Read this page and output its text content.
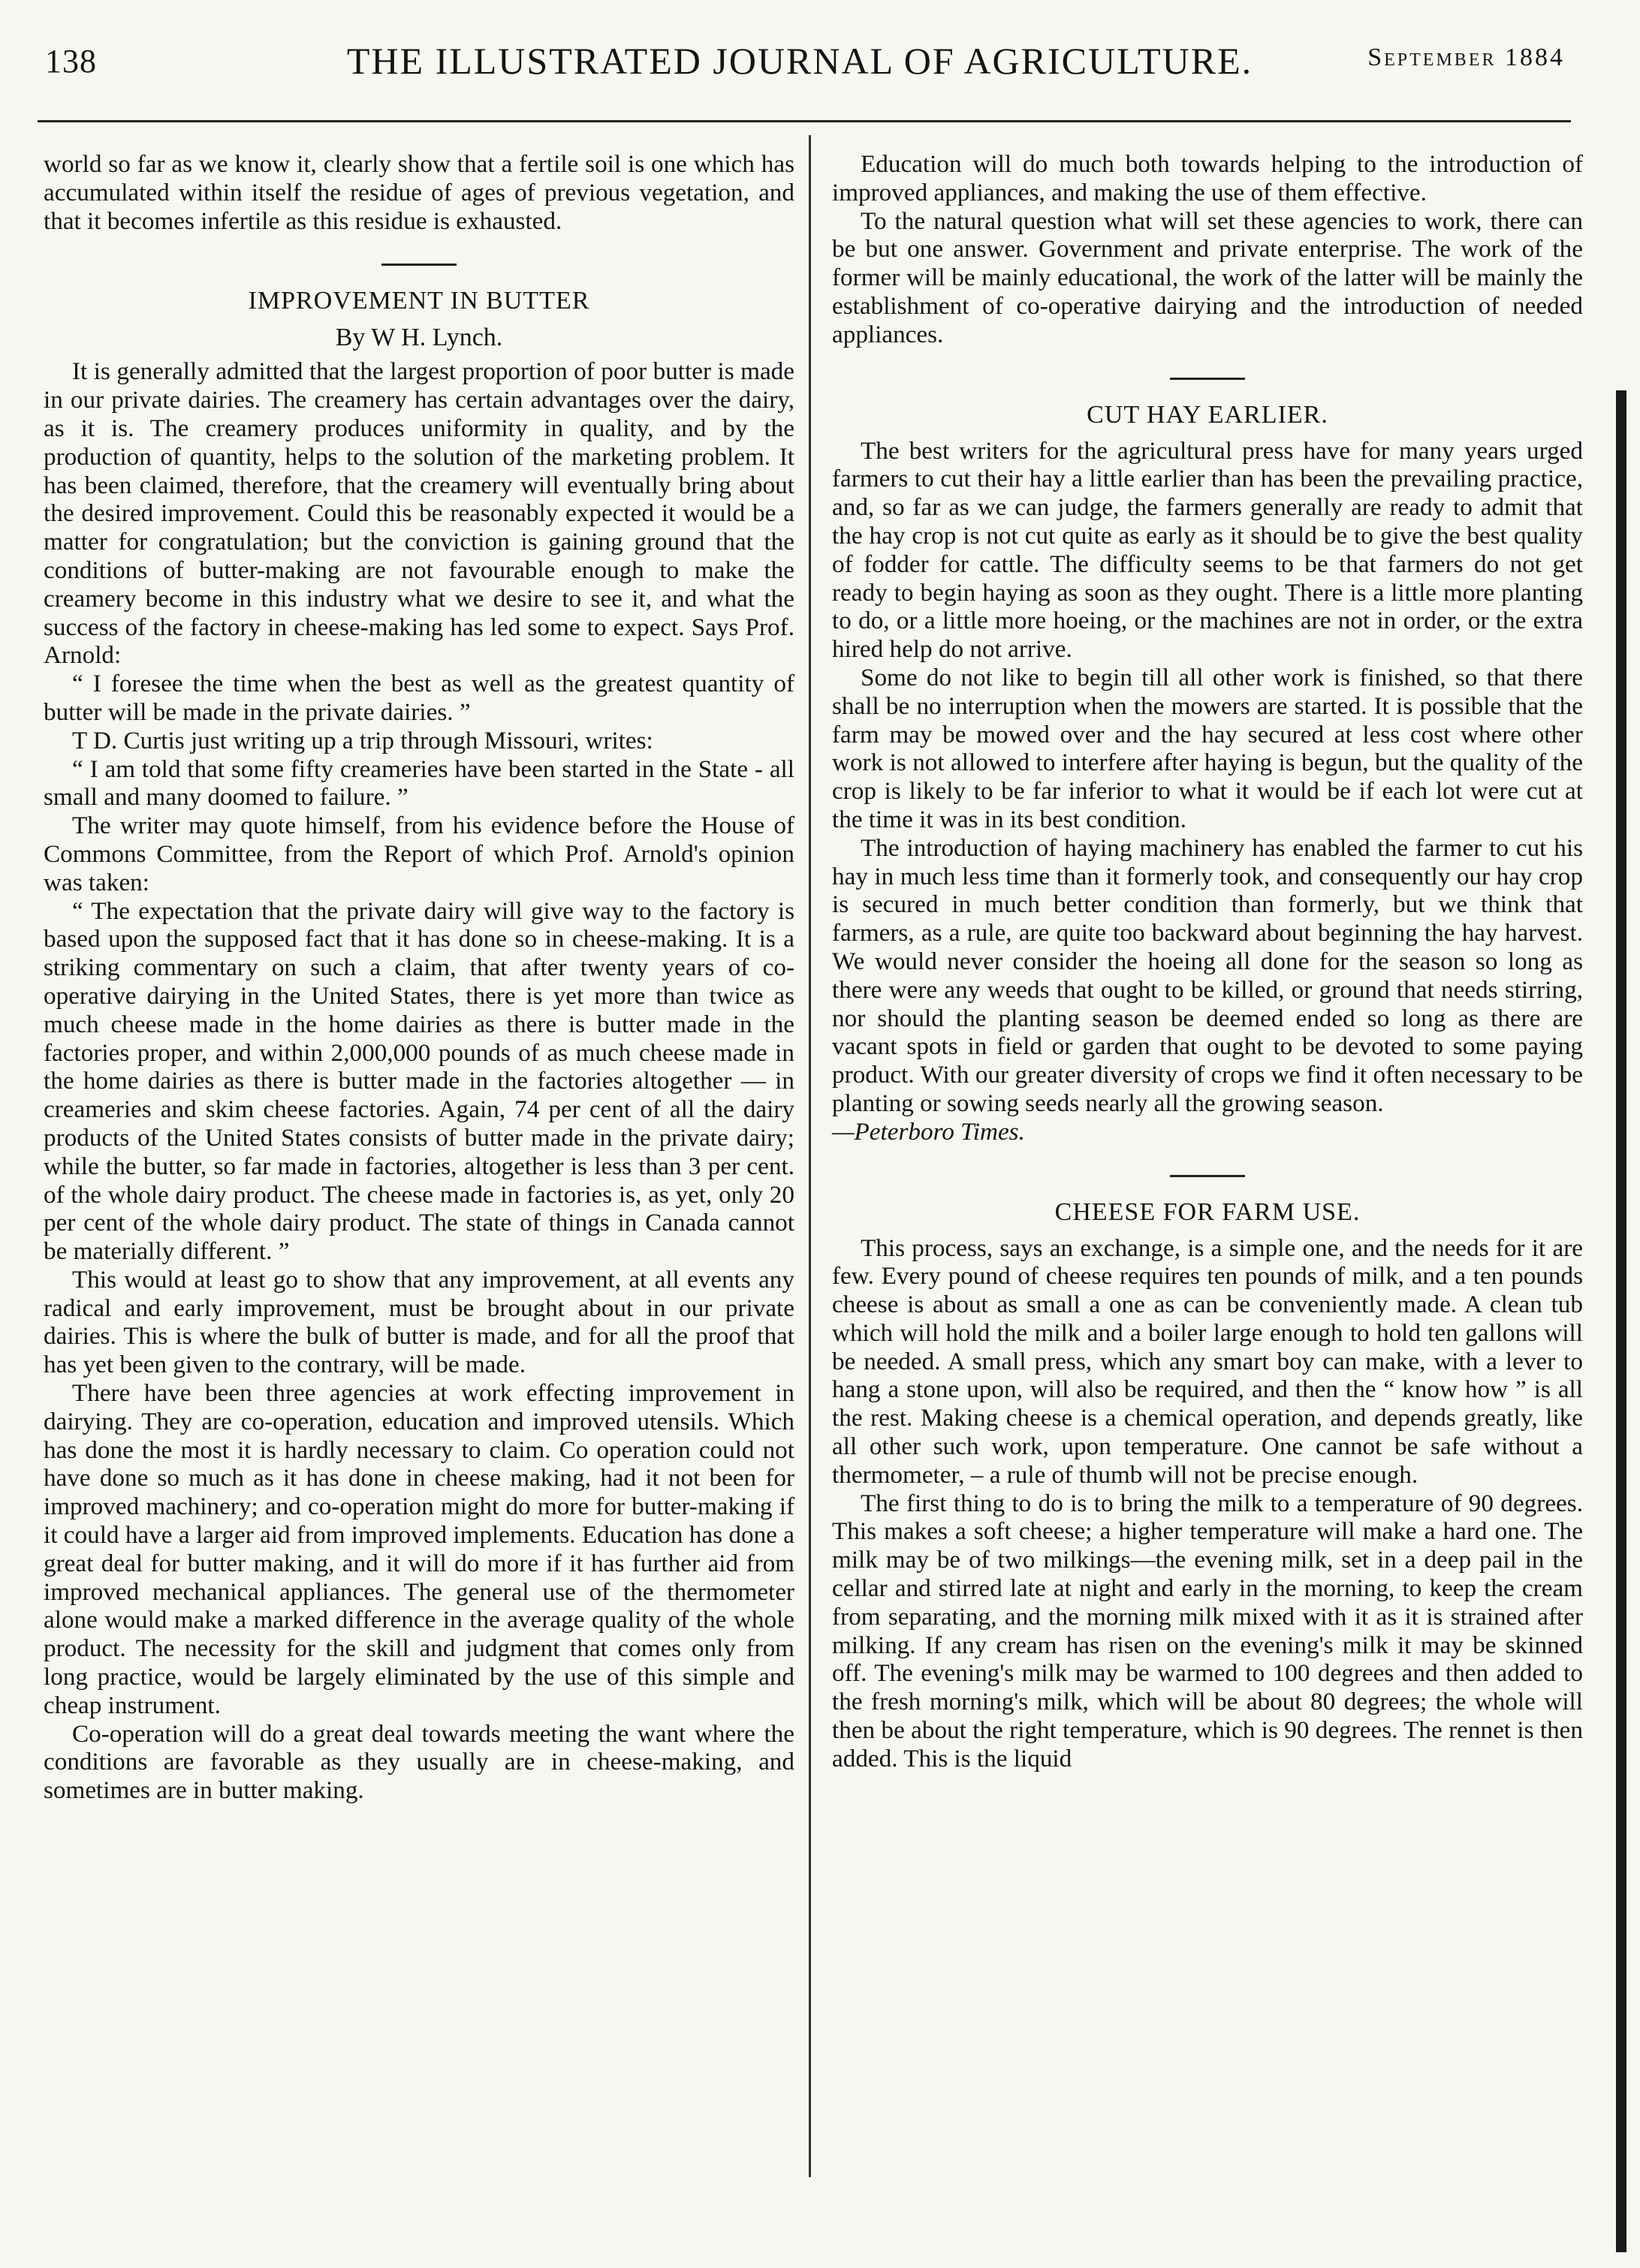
138	THE ILLUSTRATED JOURNAL OF AGRICULTURE.	September 1884

world so far as we know it, clearly show that a fertile soil is one which has accumulated within itself the residue of ages of previous vegetation, and that it becomes infertile as this residue is exhausted.

IMPROVEMENT IN BUTTER
By W H. Lynch.

It is generally admitted that the largest proportion of poor butter is made in our private dairies. The creamery has certain advantages over the dairy, as it is. The creamery produces uniformity in quality, and by the production of quantity, helps to the solution of the marketing problem. It has been claimed, therefore, that the creamery will eventually bring about the desired improvement. Could this be reasonably expected it would be a matter for congratulation; but the conviction is gaining ground that the conditions of butter-making are not favourable enough to make the creamery become in this industry what we desire to see it, and what the success of the factory in cheese-making has led some to expect. Says Prof. Arnold:

“ I foresee the time when the best as well as the greatest quantity of butter will be made in the private dairies. ”

T D. Curtis just writing up a trip through Missouri, writes:

“ I am told that some fifty creameries have been started in the State - all small and many doomed to failure. ”

The writer may quote himself, from his evidence before the House of Commons Committee, from the Report of which Prof. Arnold's opinion was taken:

“ The expectation that the private dairy will give way to the factory is based upon the supposed fact that it has done so in cheese-making. It is a striking commentary on such a claim, that after twenty years of co-operative dairying in the United States, there is yet more than twice as much cheese made in the home dairies as there is butter made in the factories proper, and within 2,000,000 pounds of as much cheese made in the home dairies as there is butter made in the factories altogether — in creameries and skim cheese factories. Again, 74 per cent of all the dairy products of the United States consists of butter made in the private dairy; while the butter, so far made in factories, altogether is less than 3 per cent. of the whole dairy product. The cheese made in factories is, as yet, only 20 per cent of the whole dairy product. The state of things in Canada cannot be materially different. ”

This would at least go to show that any improvement, at all events any radical and early improvement, must be brought about in our private dairies. This is where the bulk of butter is made, and for all the proof that has yet been given to the contrary, will be made.

There have been three agencies at work effecting improvement in dairying. They are co-operation, education and improved utensils. Which has done the most it is hardly necessary to claim. Co operation could not have done so much as it has done in cheese making, had it not been for improved machinery; and co-operation might do more for butter-making if it could have a larger aid from improved implements. Education has done a great deal for butter making, and it will do more if it has further aid from improved mechanical appliances. The general use of the thermometer alone would make a marked difference in the average quality of the whole product. The necessity for the skill and judgment that comes only from long practice, would be largely eliminated by the use of this simple and cheap instrument.

Co-operation will do a great deal towards meeting the want where the conditions are favorable as they usually are in cheese-making, and sometimes are in butter making.

Education will do much both towards helping to the introduction of improved appliances, and making the use of them effective.

To the natural question what will set these agencies to work, there can be but one answer. Government and private enterprise. The work of the former will be mainly educational, the work of the latter will be mainly the establishment of co-operative dairying and the introduction of needed appliances.

CUT HAY EARLIER.

The best writers for the agricultural press have for many years urged farmers to cut their hay a little earlier than has been the prevailing practice, and, so far as we can judge, the farmers generally are ready to admit that the hay crop is not cut quite as early as it should be to give the best quality of fodder for cattle. The difficulty seems to be that farmers do not get ready to begin haying as soon as they ought. There is a little more planting to do, or a little more hoeing, or the machines are not in order, or the extra hired help do not arrive.

Some do not like to begin till all other work is finished, so that there shall be no interruption when the mowers are started. It is possible that the farm may be mowed over and the hay secured at less cost where other work is not allowed to interfere after haying is begun, but the quality of the crop is likely to be far inferior to what it would be if each lot were cut at the time it was in its best condition.

The introduction of haying machinery has enabled the farmer to cut his hay in much less time than it formerly took, and consequently our hay crop is secured in much better condition than formerly, but we think that farmers, as a rule, are quite too backward about beginning the hay harvest. We would never consider the hoeing all done for the season so long as there were any weeds that ought to be killed, or ground that needs stirring, nor should the planting season be deemed ended so long as there are vacant spots in field or garden that ought to be devoted to some paying product. With our greater diversity of crops we find it often necessary to be planting or sowing seeds nearly all the growing season.

—Peterboro Times.

CHEESE FOR FARM USE.

This process, says an exchange, is a simple one, and the needs for it are few. Every pound of cheese requires ten pounds of milk, and a ten pounds cheese is about as small a one as can be conveniently made. A clean tub which will hold the milk and a boiler large enough to hold ten gallons will be needed. A small press, which any smart boy can make, with a lever to hang a stone upon, will also be required, and then the “ know how ” is all the rest. Making cheese is a chemical operation, and depends greatly, like all other such work, upon temperature. One cannot be safe without a thermometer, – a rule of thumb will not be precise enough.

The first thing to do is to bring the milk to a temperature of 90 degrees. This makes a soft cheese; a higher temperature will make a hard one. The milk may be of two milkings—the evening milk, set in a deep pail in the cellar and stirred late at night and early in the morning, to keep the cream from separating, and the morning milk mixed with it as it is strained after milking. If any cream has risen on the evening's milk it may be skinned off. The evening's milk may be warmed to 100 degrees and then added to the fresh morning's milk, which will be about 80 degrees; the whole will then be about the right temperature, which is 90 degrees. The rennet is then added. This is the liquid
